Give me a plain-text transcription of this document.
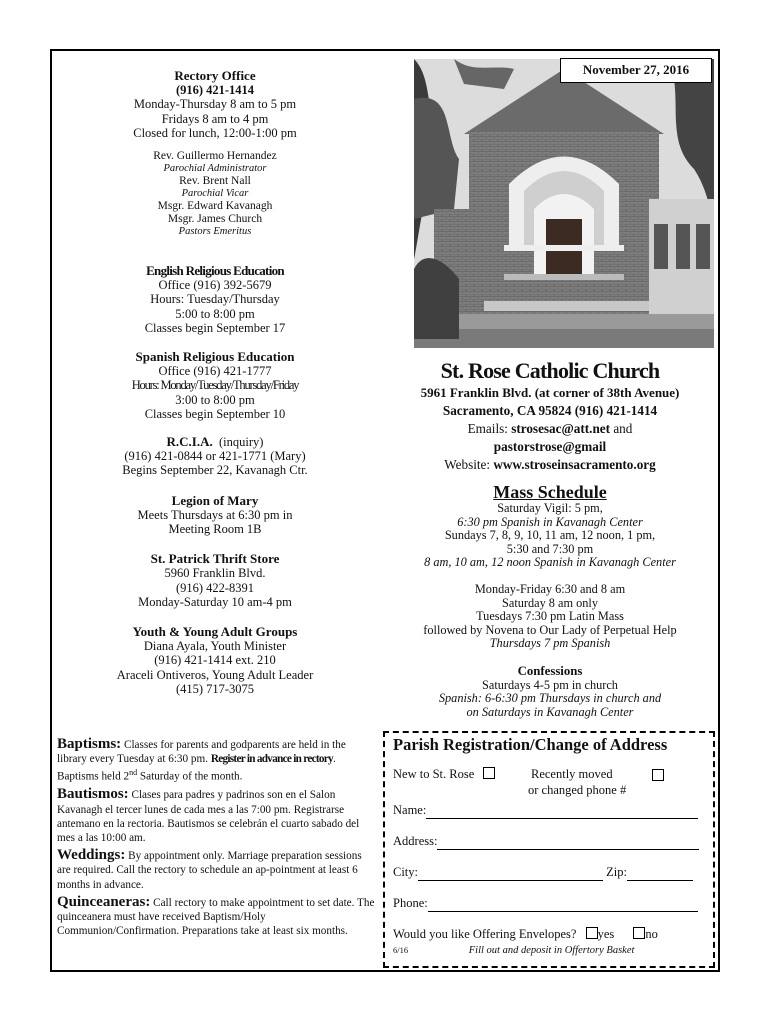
Rectory Office
(916) 421-1414
Monday-Thursday 8 am to 5 pm
Fridays 8 am to 4 pm
Closed for lunch, 12:00-1:00 pm
Rev. Guillermo Hernandez
Parochial Administrator
Rev. Brent Nall
Parochial Vicar
Msgr. Edward Kavanagh
Msgr. James Church
Pastors Emeritus
English Religious Education
Office (916) 392-5679
Hours: Tuesday/Thursday
5:00 to 8:00 pm
Classes begin September 17
Spanish Religious Education
Office (916) 421-1777
Hours: Monday/Tuesday/Thursday/Friday
3:00 to 8:00 pm
Classes begin September 10
R.C.I.A. (inquiry)
(916) 421-0844 or 421-1771 (Mary)
Begins September 22, Kavanagh Ctr.
Legion of Mary
Meets Thursdays at 6:30 pm in
Meeting Room 1B
St. Patrick Thrift Store
5960 Franklin Blvd.
(916) 422-8391
Monday-Saturday 10 am-4 pm
Youth & Young Adult Groups
Diana Ayala, Youth Minister
(916) 421-1414 ext. 210
Araceli Ontiveros, Young Adult Leader
(415) 717-3075
November 27, 2016
St. Rose Catholic Church
5961 Franklin Blvd. (at corner of 38th Avenue)
Sacramento, CA 95824 (916) 421-1414
Emails: strosesac@att.net and
pastorstrose@gmail
Website: www.stroseinsacramento.org
Mass Schedule
Saturday Vigil: 5 pm,
6:30 pm Spanish in Kavanagh Center
Sundays 7, 8, 9, 10, 11 am, 12 noon, 1 pm,
5:30 and 7:30 pm
8 am, 10 am, 12 noon Spanish in Kavanagh Center
Monday-Friday 6:30 and 8 am
Saturday 8 am only
Tuesdays 7:30 pm Latin Mass
followed by Novena to Our Lady of Perpetual Help
Thursdays 7 pm Spanish
Confessions
Saturdays 4-5 pm in church
Spanish: 6-6:30 pm Thursdays in church and
on Saturdays in Kavanagh Center

Baptisms: Classes for parents and godparents are held in the library every Tuesday at 6:30 pm. Register in advance in rectory. Baptisms held 2nd Saturday of the month.

Bautismos: Clases para padres y padrinos son en el Salon Kavanagh el tercer lunes de cada mes a las 7:00 pm. Registrarse antemano en la rectoria. Bautismos se celebrán el cuarto sabado del mes a las 10:00 am.

Weddings: By appointment only. Marriage preparation sessions are required. Call the rectory to schedule an ap-pointment at least 6 months in advance.

Quinceaneras: Call rectory to make appointment to set date. The quinceanera must have received Baptism/Holy Communion/Confirmation. Preparations take at least six months.

Parish Registration/Change of Address
New to St. Rose	Recently moved
or changed phone #
Name:
Address:
City:	Zip:
Phone:
Would you like Offering Envelopes? yes no
6/16	Fill out and deposit in Offertory Basket
